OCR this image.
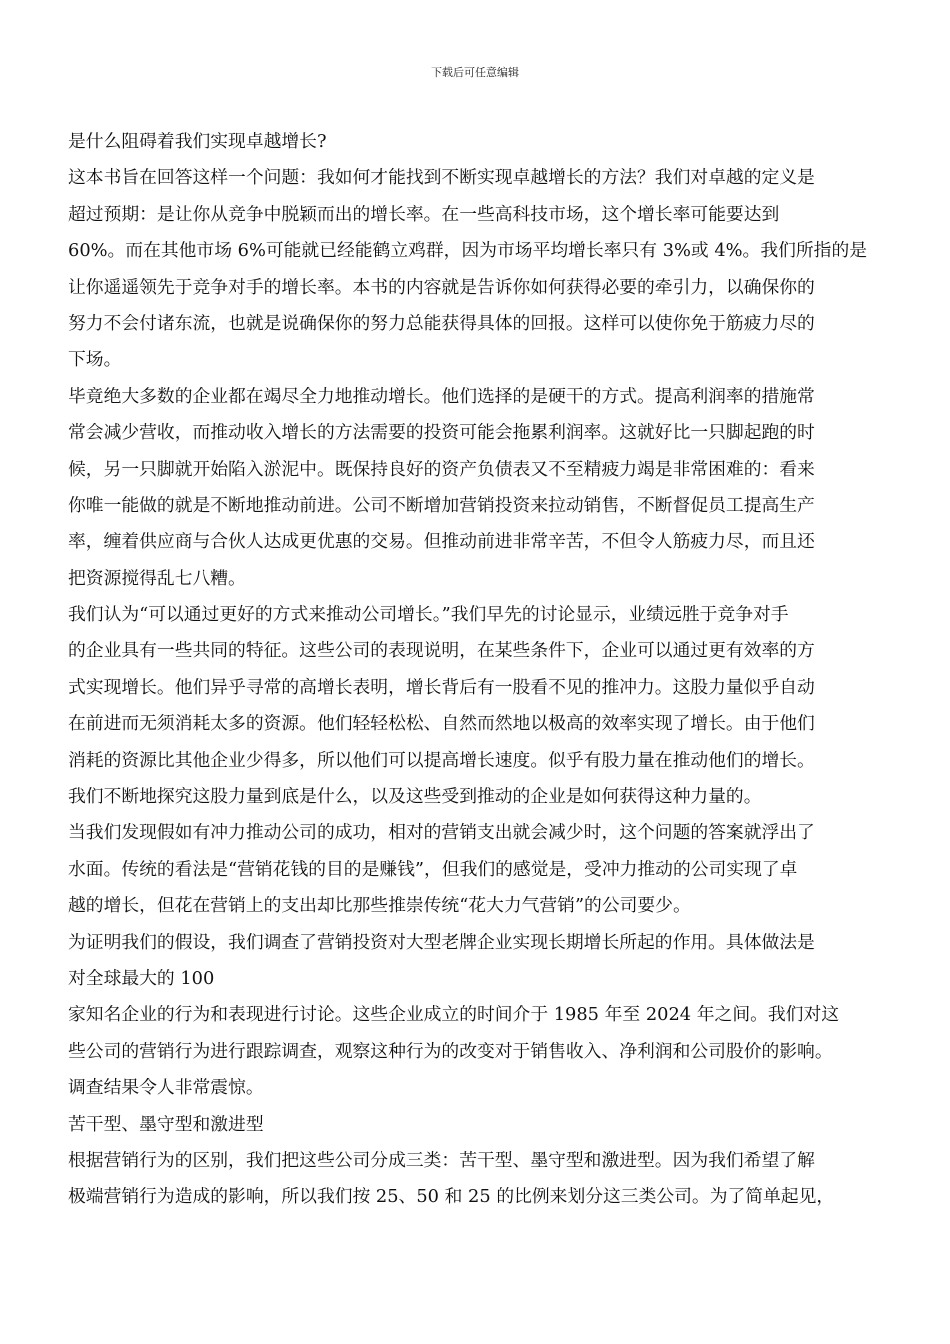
下载后可任意编辑
是什么阻碍着我们实现卓越增长?
这本书旨在回答这样一个问题：我如何才能找到不断实现卓越增长的方法？我们对卓越的定义是
超过预期：是让你从竞争中脱颖而出的增长率。在一些高科技市场，这个增长率可能要达到
60%。而在其他市场 6%可能就已经能鹤立鸡群，因为市场平均增长率只有 3%或 4%。我们所指的是
让你遥遥领先于竞争对手的增长率。本书的内容就是告诉你如何获得必要的牵引力，以确保你的
努力不会付诸东流，也就是说确保你的努力总能获得具体的回报。这样可以使你免于筋疲力尽的
下场。
毕竟绝大多数的企业都在竭尽全力地推动增长。他们选择的是硬干的方式。提高利润率的措施常
常会减少营收，而推动收入增长的方法需要的投资可能会拖累利润率。这就好比一只脚起跑的时
候，另一只脚就开始陷入淤泥中。既保持良好的资产负债表又不至精疲力竭是非常困难的：看来
你唯一能做的就是不断地推动前进。公司不断增加营销投资来拉动销售，不断督促员工提高生产
率，缠着供应商与合伙人达成更优惠的交易。但推动前进非常辛苦，不但令人筋疲力尽，而且还
把资源搅得乱七八糟。
我们认为“可以通过更好的方式来推动公司增长。”我们早先的讨论显示，业绩远胜于竞争对手
的企业具有一些共同的特征。这些公司的表现说明，在某些条件下，企业可以通过更有效率的方
式实现增长。他们异乎寻常的高增长表明，增长背后有一股看不见的推冲力。这股力量似乎自动
在前进而无须消耗太多的资源。他们轻轻松松、自然而然地以极高的效率实现了增长。由于他们
消耗的资源比其他企业少得多，所以他们可以提高增长速度。似乎有股力量在推动他们的增长。
我们不断地探究这股力量到底是什么，以及这些受到推动的企业是如何获得这种力量的。
当我们发现假如有冲力推动公司的成功，相对的营销支出就会减少时，这个问题的答案就浮出了
水面。传统的看法是“营销花钱的目的是赚钱”，但我们的感觉是，受冲力推动的公司实现了卓
越的增长，但花在营销上的支出却比那些推崇传统“花大力气营销”的公司要少。
为证明我们的假设，我们调查了营销投资对大型老牌企业实现长期增长所起的作用。具体做法是
对全球最大的 100
家知名企业的行为和表现进行讨论。这些企业成立的时间介于 1985 年至 2024 年之间。我们对这
些公司的营销行为进行跟踪调查，观察这种行为的改变对于销售收入、净利润和公司股价的影响。
调查结果令人非常震惊。
苦干型、墨守型和激进型
根据营销行为的区别，我们把这些公司分成三类：苦干型、墨守型和激进型。因为我们希望了解
极端营销行为造成的影响，所以我们按 25、50 和 25 的比例来划分这三类公司。为了简单起见，
